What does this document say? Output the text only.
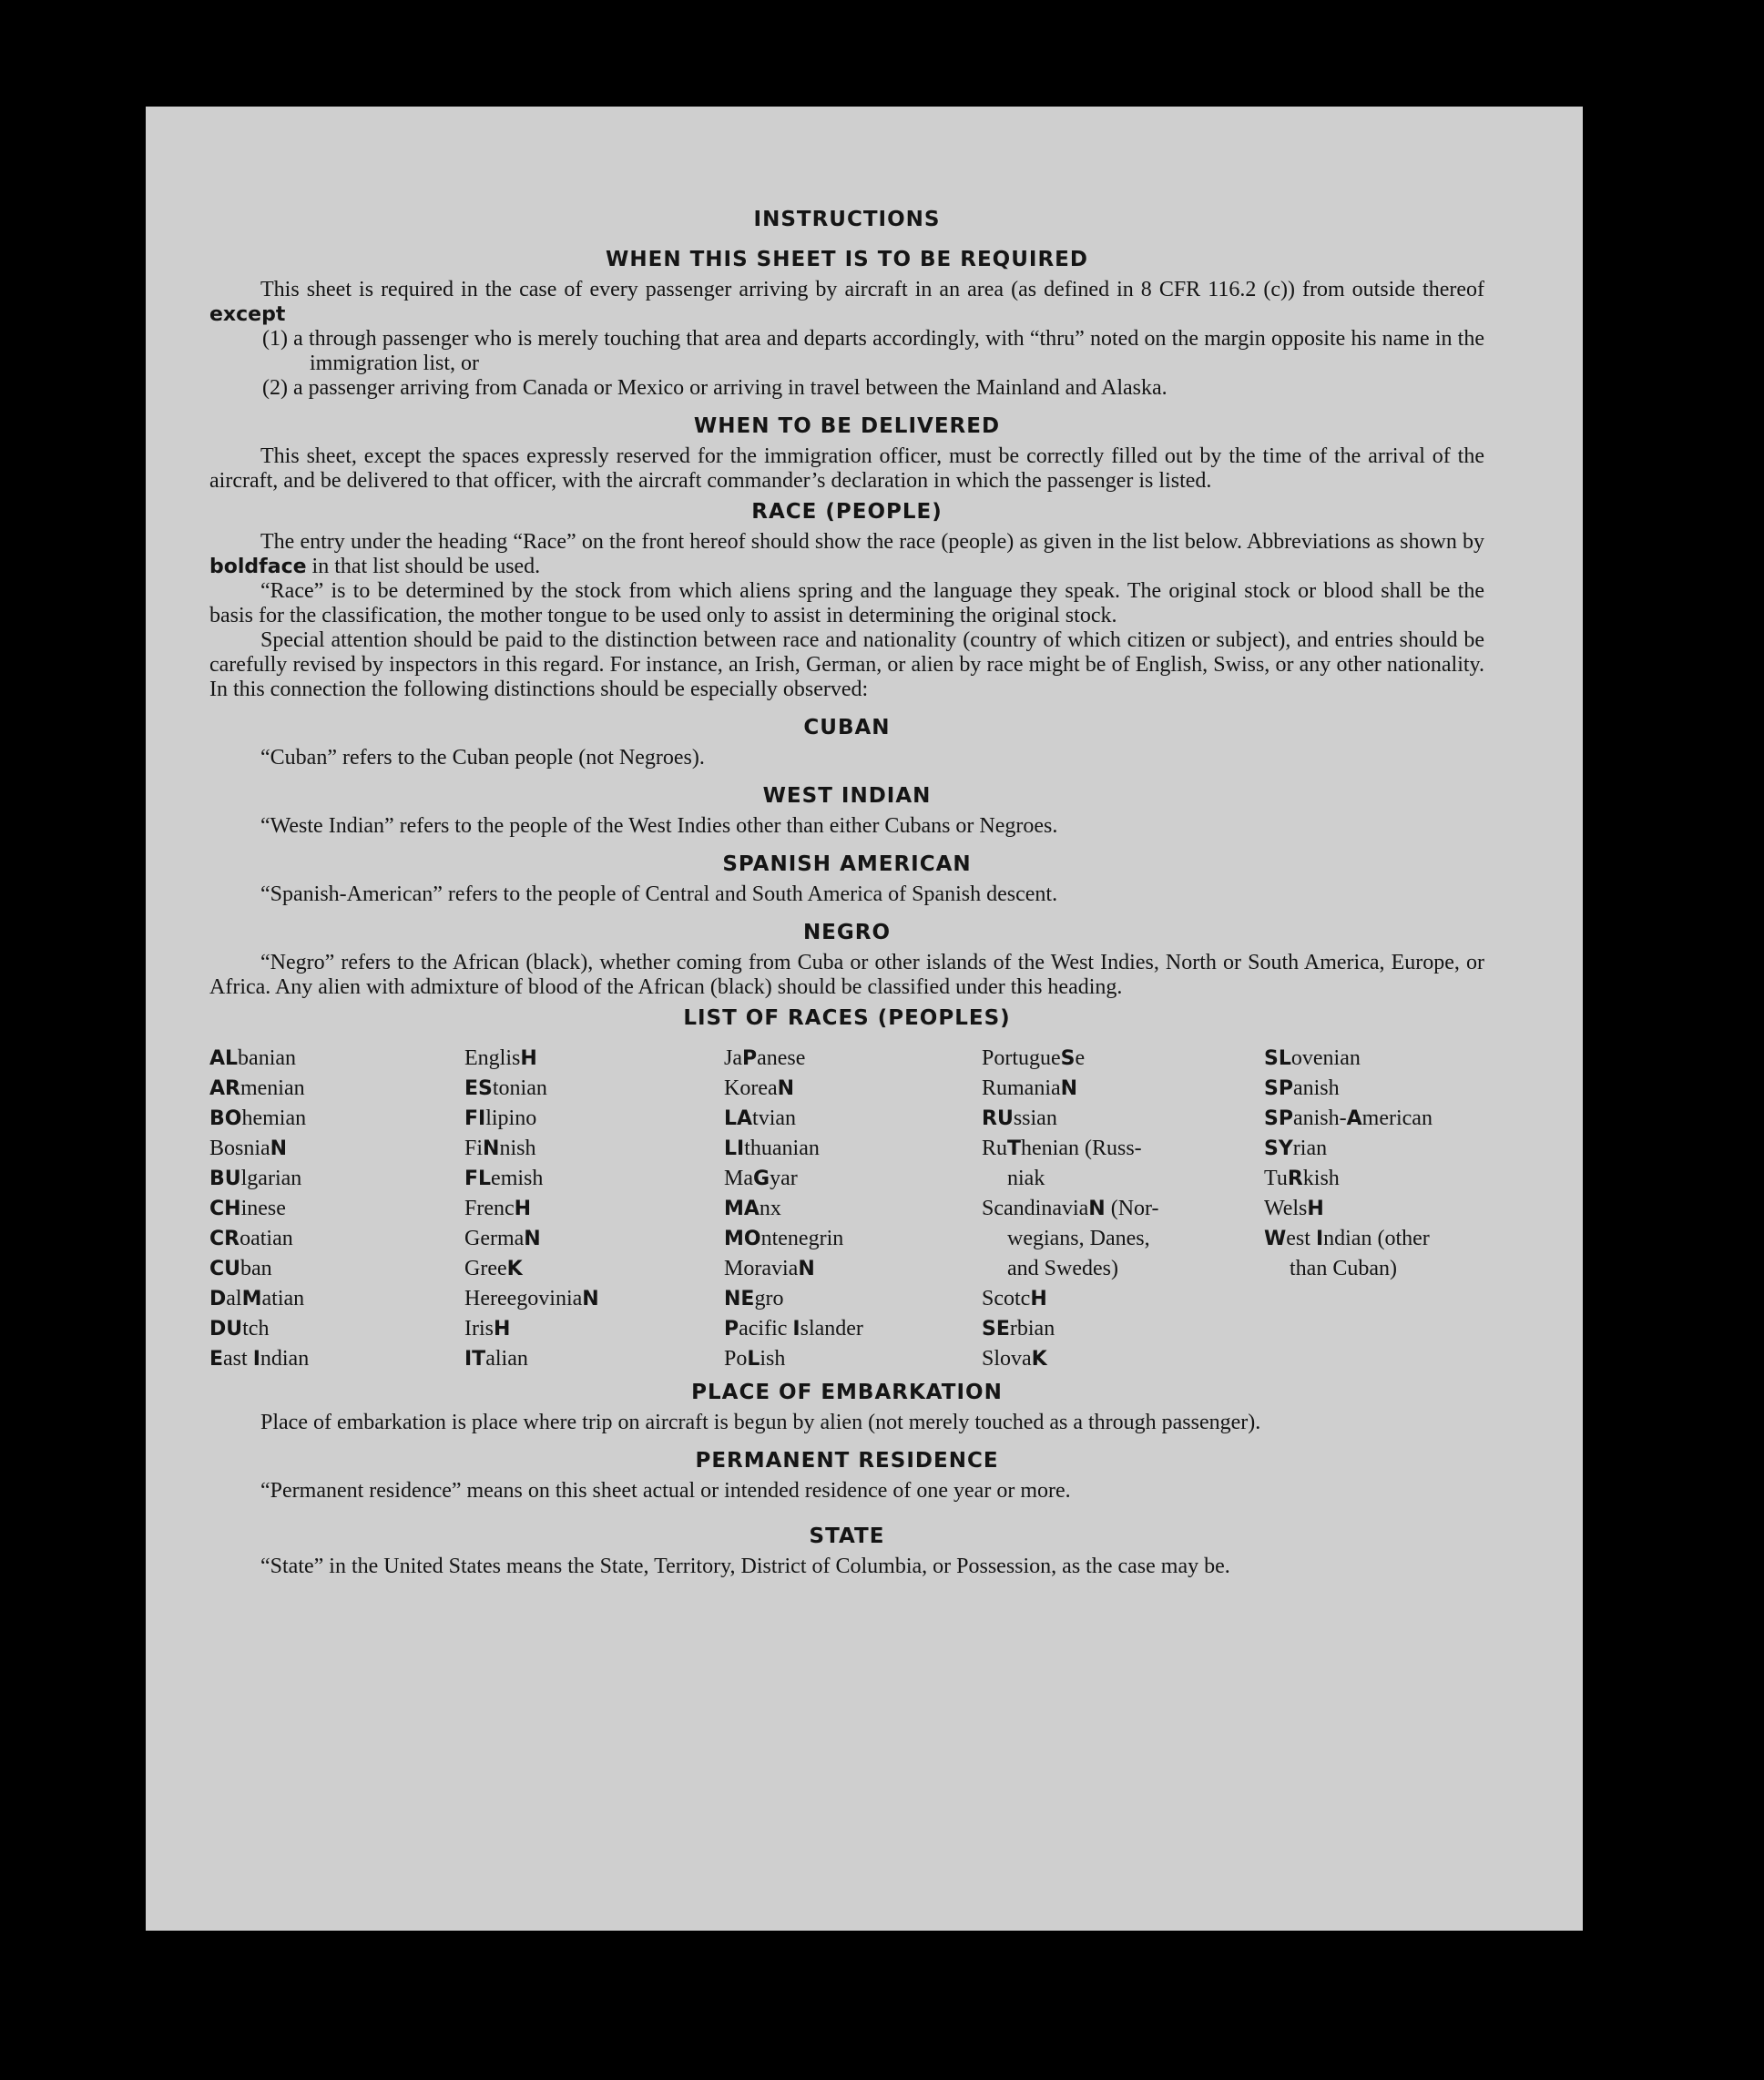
INSTRUCTIONS
WHEN THIS SHEET IS TO BE REQUIRED

This sheet is required in the case of every passenger arriving by aircraft in an area (as defined in 8 CFR 116.2 (c)) from outside thereof except

(1) a through passenger who is merely touching that area and departs accordingly, with “thru” noted on the margin opposite his name in the immigration list, or

(2) a passenger arriving from Canada or Mexico or arriving in travel between the Mainland and Alaska.

WHEN TO BE DELIVERED

This sheet, except the spaces expressly reserved for the immigration officer, must be correctly filled out by the time of the arrival of the aircraft, and be delivered to that officer, with the aircraft commander’s declaration in which the passenger is listed.

RACE (PEOPLE)

The entry under the heading “Race” on the front hereof should show the race (people) as given in the list below. Abbreviations as shown by boldface in that list should be used.

“Race” is to be determined by the stock from which aliens spring and the language they speak. The original stock or blood shall be the basis for the classification, the mother tongue to be used only to assist in determining the original stock.

Special attention should be paid to the distinction between race and nationality (country of which citizen or subject), and entries should be carefully revised by inspectors in this regard. For instance, an Irish, German, or alien by race might be of English, Swiss, or any other nationality. In this connection the following distinctions should be especially observed:

CUBAN

“Cuban” refers to the Cuban people (not Negroes).

WEST INDIAN

“Weste Indian” refers to the people of the West Indies other than either Cubans or Negroes.

SPANISH AMERICAN

“Spanish-American” refers to the people of Central and South America of Spanish descent.

NEGRO

“Negro” refers to the African (black), whether coming from Cuba or other islands of the West Indies, North or South America, Europe, or Africa. Any alien with admixture of blood of the African (black) should be classified under this heading.

LIST OF RACES (PEOPLES)
ALbanian
ARmenian
BOhemian
BosniaN
BUlgarian
CHinese
CRoatian
CUban
DalMatian
DUtch
East Indian
EnglisH
EStonian
FIlipino
FiNnish
FLemish
FrencH
GermaN
GreeK
HereegoviniaN
IrisH
ITalian
JaPanese
KoreaN
LAtvian
LIthuanian
MaGyar
MAnx
MOntenegrin
MoraviaN
NEgro
Pacific Islander
PoLish
PortugueSe
RumaniaN
RUssian
RuThenian (Russ-
niak
ScandinaviaN (Nor-
wegians, Danes,
and Swedes)
ScotcH
SErbian
SlovaK
SLovenian
SPanish
SPanish-American
SYrian
TuRkish
WelsH
West Indian (other
than Cuban)
PLACE OF EMBARKATION

Place of embarkation is place where trip on aircraft is begun by alien (not merely touched as a through passenger).

PERMANENT RESIDENCE

“Permanent residence” means on this sheet actual or intended residence of one year or more.

STATE

“State” in the United States means the State, Territory, District of Columbia, or Possession, as the case may be.
